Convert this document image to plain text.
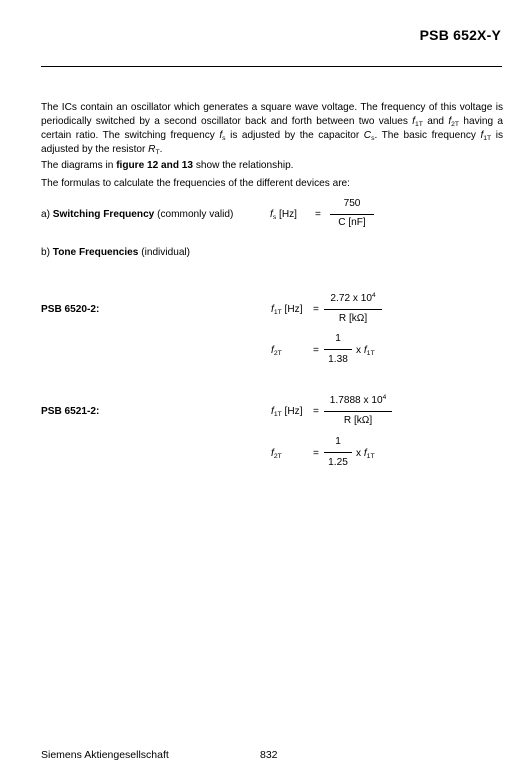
PSB 652X-Y
The ICs contain an oscillator which generates a square wave voltage. The frequency of this voltage is periodically switched by a second oscillator back and forth between two values $f_{1T}$ and $f_{2T}$ having a certain ratio. The switching frequency $f_s$ is adjusted by the capacitor $C_s$. The basic frequency $f_{1T}$ is adjusted by the resistor $R_T$.
The diagrams in figure 12 and 13 show the relationship.
The formulas to calculate the frequencies of the different devices are:
a) Switching Frequency (commonly valid)	$f_s$ [Hz] =
750
C [nF]
b) Tone Frequencies (individual)
PSB 6520-2:	$f_{1T}$ [Hz] =
2.72 x $10^4$
R [kΩ]
$f_{2T}$	=
1
1.38
x $f_{1T}$
PSB 6521-2:	$f_{1T}$ [Hz] =
1.7888 x $10^4$
R [kΩ]
$f_{2T}$	=
1
1.25
x $f_{1T}$
Siemens Aktiengesellschaft	832
